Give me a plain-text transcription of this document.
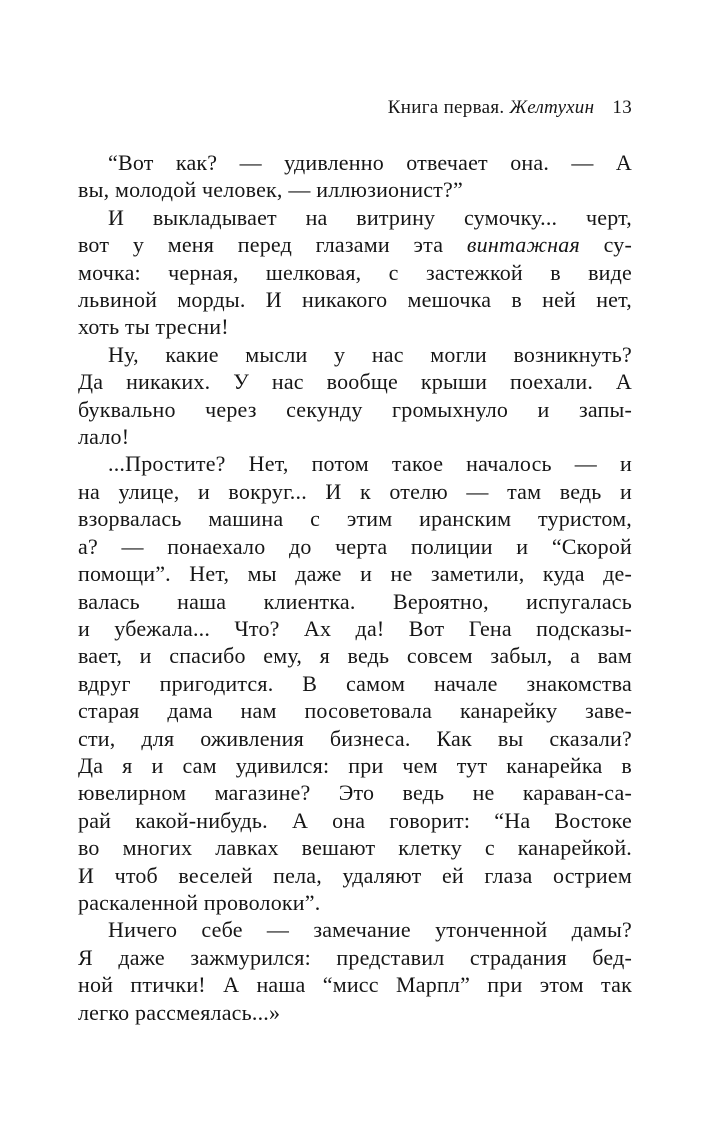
Книга первая. Желтухин 13
“Вот как? — удивленно отвечает она. — А
вы, молодой человек, — иллюзионист?”
И выкладывает на витрину сумочку... черт,
вот у меня перед глазами эта винтажная су-
мочка: черная, шелковая, с застежкой в виде
львиной морды. И никакого мешочка в ней нет,
хоть ты тресни!
Ну, какие мысли у нас могли возникнуть?
Да никаких. У нас вообще крыши поехали. А
буквально через секунду громыхнуло и запы-
лало!
...Простите? Нет, потом такое началось — и
на улице, и вокруг... И к отелю — там ведь и
взорвалась машина с этим иранским туристом,
а? — понаехало до черта полиции и “Скорой
помощи”. Нет, мы даже и не заметили, куда де-
валась наша клиентка. Вероятно, испугалась
и убежала... Что? Ах да! Вот Гена подсказы-
вает, и спасибо ему, я ведь совсем забыл, а вам
вдруг пригодится. В самом начале знакомства
старая дама нам посоветовала канарейку заве-
сти, для оживления бизнеса. Как вы сказали?
Да я и сам удивился: при чем тут канарейка в
ювелирном магазине? Это ведь не караван-са-
рай какой-нибудь. А она говорит: “На Востоке
во многих лавках вешают клетку с канарейкой.
И чтоб веселей пела, удаляют ей глаза острием
раскаленной проволоки”.
Ничего себе — замечание утонченной дамы?
Я даже зажмурился: представил страдания бед-
ной птички! А наша “мисс Марпл” при этом так
легко рассмеялась...»
